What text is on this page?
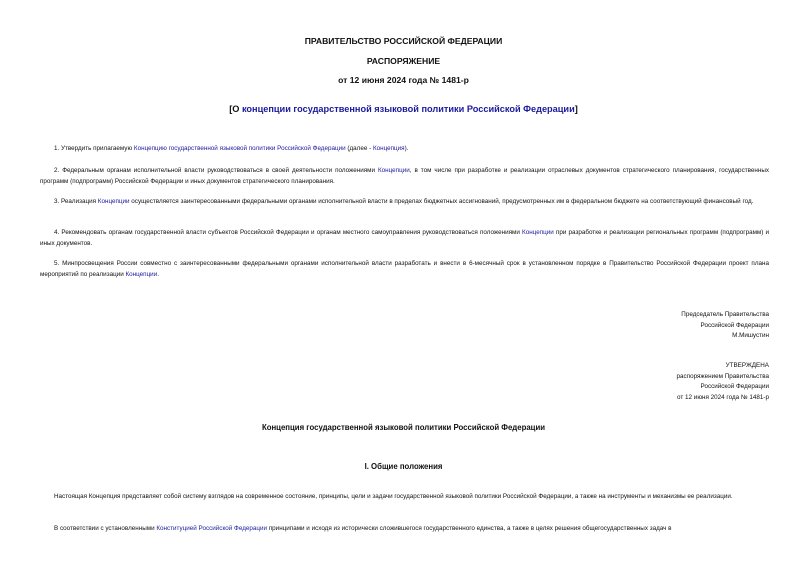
ПРАВИТЕЛЬСТВО РОССИЙСКОЙ ФЕДЕРАЦИИ
РАСПОРЯЖЕНИЕ
от 12 июня 2024 года № 1481-р
[О концепции государственной языковой политики Российской Федерации]
1. Утвердить прилагаемую Концепцию государственной языковой политики Российской Федерации (далее - Концепция).
2. Федеральным органам исполнительной власти руководствоваться в своей деятельности положениями Концепции, в том числе при разработке и реализации отраслевых документов стратегического планирования, государственных программ (подпрограмм) Российской Федерации и иных документов стратегического планирования.
3. Реализация Концепции осуществляется заинтересованными федеральными органами исполнительной власти в пределах бюджетных ассигнований, предусмотренных им в федеральном бюджете на соответствующий финансовый год.
4. Рекомендовать органам государственной власти субъектов Российской Федерации и органам местного самоуправления руководствоваться положениями Концепции при разработке и реализации региональных программ (подпрограмм) и иных документов.
5. Минпросвещения России совместно с заинтересованными федеральными органами исполнительной власти разработать и внести в 6-месячный срок в установленном порядке в Правительство Российской Федерации проект плана мероприятий по реализации Концепции.
Председатель Правительства
Российской Федерации
М.Мишустин
УТВЕРЖДЕНА
распоряжением Правительства
Российской Федерации
от 12 июня 2024 года № 1481-р
Концепция государственной языковой политики Российской Федерации
I. Общие положения
Настоящая Концепция представляет собой систему взглядов на современное состояние, принципы, цели и задачи государственной языковой политики Российской Федерации, а также на инструменты и механизмы ее реализации.
В соответствии с установленными Конституцией Российской Федерации принципами и исходя из исторически сложившегося государственного единства, а также в целях решения общегосударственных задач в
